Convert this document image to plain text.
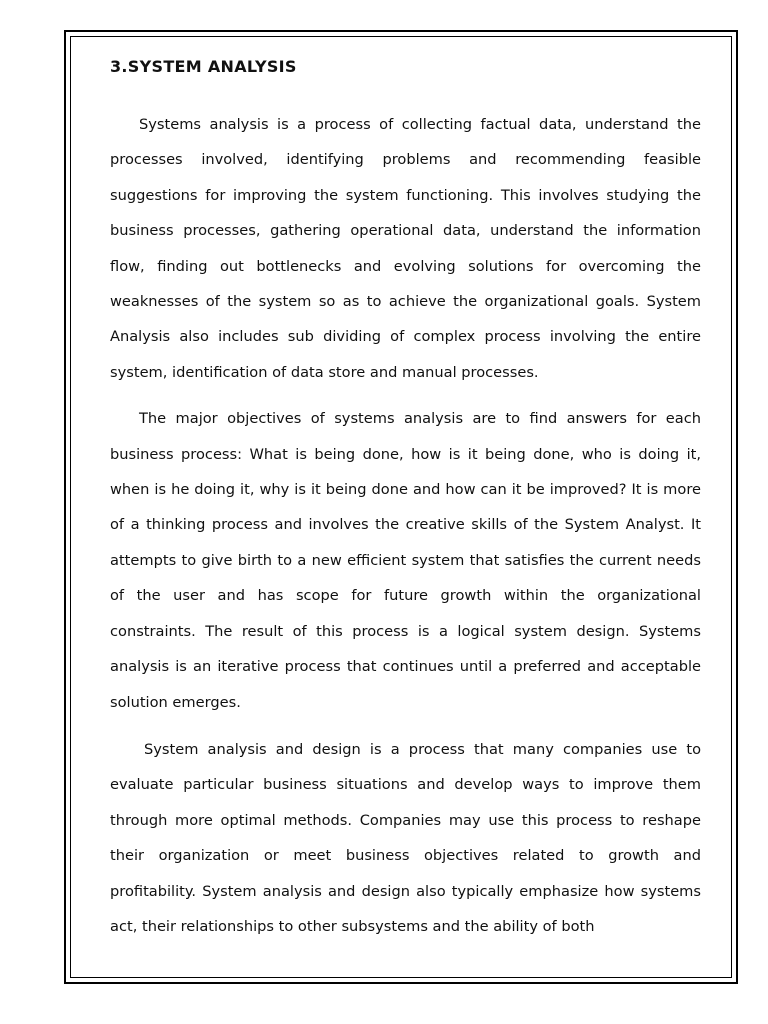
3.SYSTEM ANALYSIS

Systems analysis is a process of collecting factual data, understand the processes involved, identifying problems and recommending feasible suggestions for improving the system functioning. This involves studying the business processes, gathering operational data, understand the information flow, finding out bottlenecks and evolving solutions for overcoming the weaknesses of the system so as to achieve the organizational goals. System Analysis also includes sub dividing of complex process involving the entire system, identification of data store and manual processes.

The major objectives of systems analysis are to find answers for each business process: What is being done, how is it being done, who is doing it, when is he doing it, why is it being done and how can it be improved? It is more of a thinking process and involves the creative skills of the System Analyst. It attempts to give birth to a new efficient system that satisfies the current needs of the user and has scope for future growth within the organizational constraints. The result of this process is a logical system design. Systems analysis is an iterative process that continues until a preferred and acceptable solution emerges.

System analysis and design is a process that many companies use to evaluate particular business situations and develop ways to improve them through more optimal methods. Companies may use this process to reshape their organization or meet business objectives related to growth and profitability. System analysis and design also typically emphasize how systems act, their relationships to other subsystems and the ability of both
